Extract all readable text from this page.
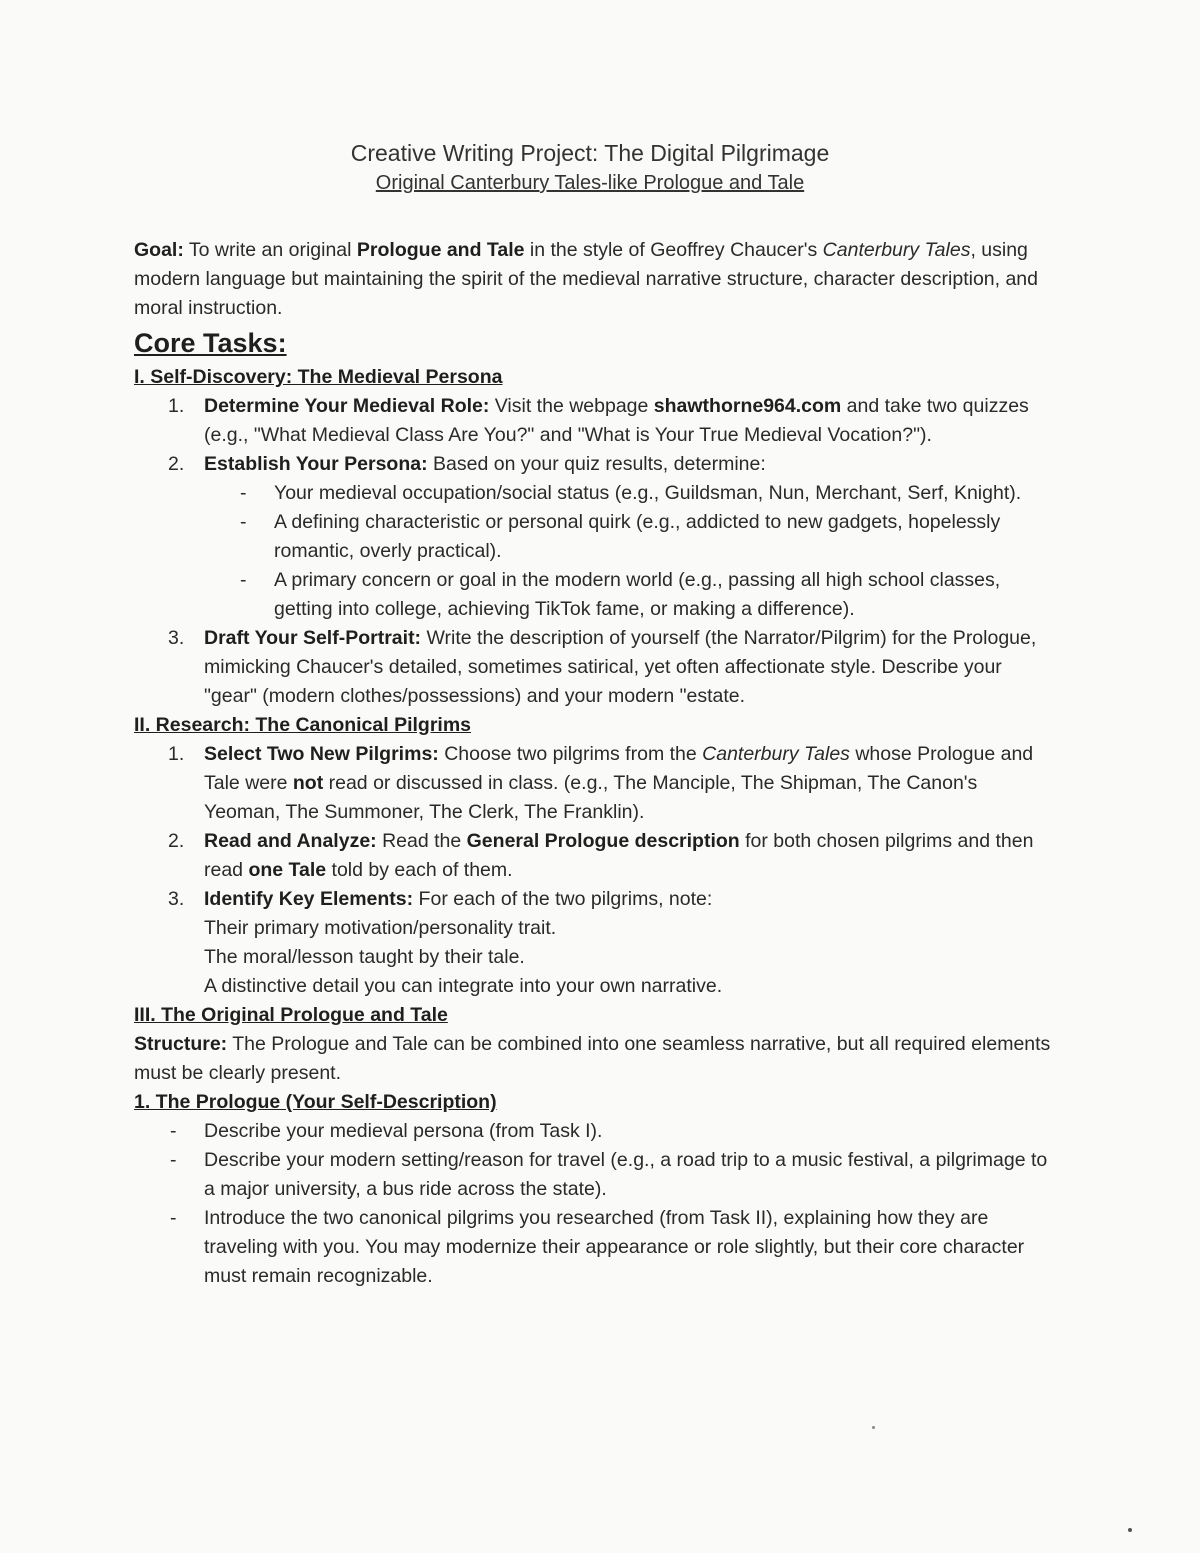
Creative Writing Project: The Digital Pilgrimage
Original Canterbury Tales-like Prologue and Tale

Goal: To write an original Prologue and Tale in the style of Geoffrey Chaucer's Canterbury Tales, using modern language but maintaining the spirit of the medieval narrative structure, character description, and moral instruction.

Core Tasks:
I. Self-Discovery: The Medieval Persona
1. Determine Your Medieval Role: Visit the webpage shawthorne964.com and take two quizzes (e.g., "What Medieval Class Are You?" and "What is Your True Medieval Vocation?").
2. Establish Your Persona: Based on your quiz results, determine:
- Your medieval occupation/social status (e.g., Guildsman, Nun, Merchant, Serf, Knight).
- A defining characteristic or personal quirk (e.g., addicted to new gadgets, hopelessly romantic, overly practical).
- A primary concern or goal in the modern world (e.g., passing all high school classes, getting into college, achieving TikTok fame, or making a difference).
3. Draft Your Self-Portrait: Write the description of yourself (the Narrator/Pilgrim) for the Prologue, mimicking Chaucer's detailed, sometimes satirical, yet often affectionate style. Describe your "gear" (modern clothes/possessions) and your modern "estate.
II. Research: The Canonical Pilgrims
1. Select Two New Pilgrims: Choose two pilgrims from the Canterbury Tales whose Prologue and Tale were not read or discussed in class. (e.g., The Manciple, The Shipman, The Canon's Yeoman, The Summoner, The Clerk, The Franklin).
2. Read and Analyze: Read the General Prologue description for both chosen pilgrims and then read one Tale told by each of them.
3. Identify Key Elements: For each of the two pilgrims, note:
Their primary motivation/personality trait.
The moral/lesson taught by their tale.
A distinctive detail you can integrate into your own narrative.
III. The Original Prologue and Tale

Structure: The Prologue and Tale can be combined into one seamless narrative, but all required elements must be clearly present.

1. The Prologue (Your Self-Description)
- Describe your medieval persona (from Task I).
- Describe your modern setting/reason for travel (e.g., a road trip to a music festival, a pilgrimage to a major university, a bus ride across the state).
- Introduce the two canonical pilgrims you researched (from Task II), explaining how they are traveling with you. You may modernize their appearance or role slightly, but their core character must remain recognizable.
